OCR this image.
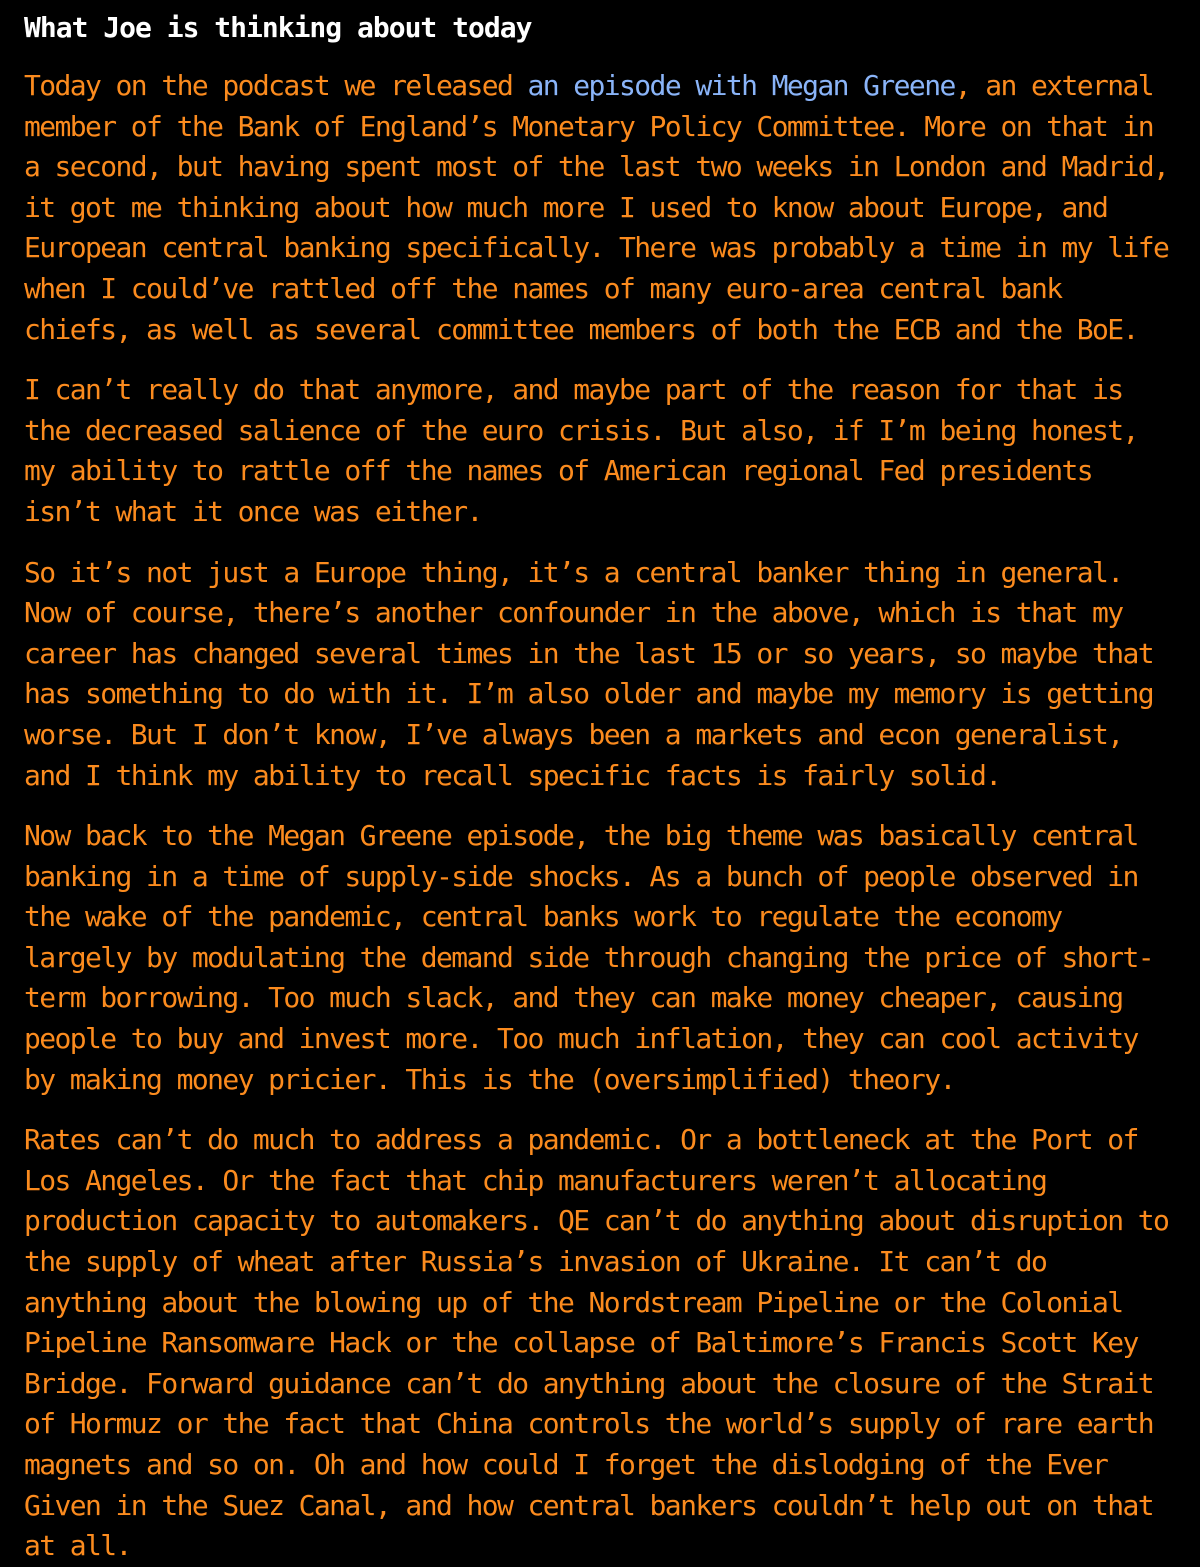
What Joe is thinking about today

Today on the podcast we released an episode with Megan Greene, an external member of the Bank of England’s Monetary Policy Committee. More on that in a second, but having spent most of the last two weeks in London and Madrid, it got me thinking about how much more I used to know about Europe, and European central banking specifically. There was probably a time in my life when I could’ve rattled off the names of many euro-area central bank chiefs, as well as several committee members of both the ECB and the BoE.

I can’t really do that anymore, and maybe part of the reason for that is the decreased salience of the euro crisis. But also, if I’m being honest, my ability to rattle off the names of American regional Fed presidents isn’t what it once was either.

So it’s not just a Europe thing, it’s a central banker thing in general. Now of course, there’s another confounder in the above, which is that my career has changed several times in the last 15 or so years, so maybe that has something to do with it. I’m also older and maybe my memory is getting worse. But I don’t know, I’ve always been a markets and econ generalist, and I think my ability to recall specific facts is fairly solid.

Now back to the Megan Greene episode, the big theme was basically central banking in a time of supply-side shocks. As a bunch of people observed in the wake of the pandemic, central banks work to regulate the economy largely by modulating the demand side through changing the price of short-term borrowing. Too much slack, and they can make money cheaper, causing people to buy and invest more. Too much inflation, they can cool activity by making money pricier. This is the (oversimplified) theory.

Rates can’t do much to address a pandemic. Or a bottleneck at the Port of Los Angeles. Or the fact that chip manufacturers weren’t allocating production capacity to automakers. QE can’t do anything about disruption to the supply of wheat after Russia’s invasion of Ukraine. It can’t do anything about the blowing up of the Nordstream Pipeline or the Colonial Pipeline Ransomware Hack or the collapse of Baltimore’s Francis Scott Key Bridge. Forward guidance can’t do anything about the closure of the Strait of Hormuz or the fact that China controls the world’s supply of rare earth magnets and so on. Oh and how could I forget the dislodging of the Ever Given in the Suez Canal, and how central bankers couldn’t help out on that at all.
